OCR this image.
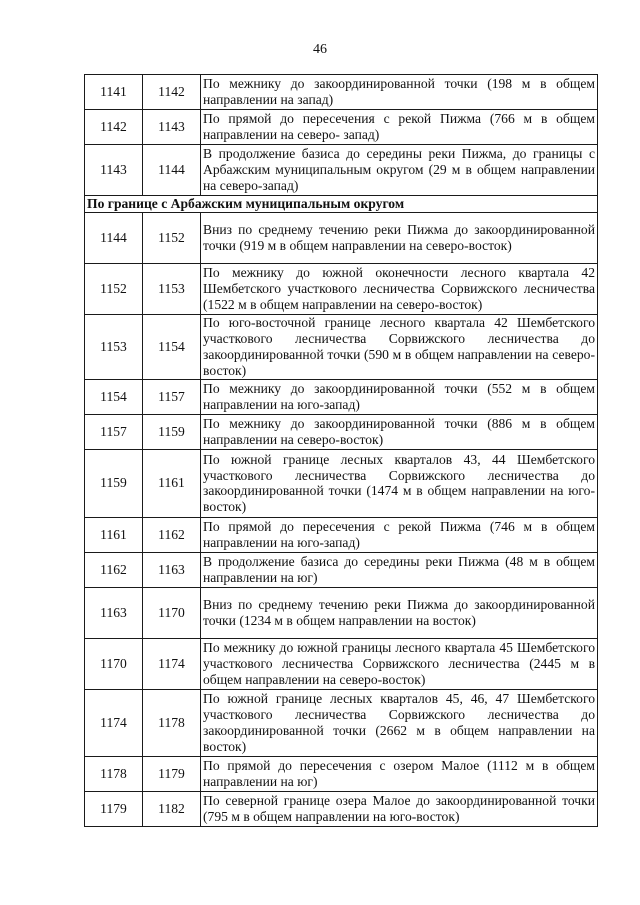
46
1141	1142	По межнику до закоординированной точки (198 м в общем направлении на запад)
1142	1143	По прямой до пересечения с рекой Пижма (766 м в общем направлении на северо- запад)
1143	1144	В продолжение базиса до середины реки Пижма, до границы с Арбажским муниципальным округом (29 м в общем направлении на северо-запад)
По границе с Арбажским муниципальным округом		
1144	1152	Вниз по среднему течению реки Пижма до закоординированной точки (919 м в общем направлении на северо-восток)
1152	1153	По межнику до южной оконечности лесного квартала 42 Шембетского участкового лесничества Сорвижского лесничества (1522 м в общем направлении на северо-восток)
1153	1154	По юго-восточной границе лесного квартала 42 Шембетского участкового лесничества Сорвижского лесничества до закоординированной точки (590 м в общем направлении на северо-восток)
1154	1157	По межнику до закоординированной точки (552 м в общем направлении на юго-запад)
1157	1159	По межнику до закоординированной точки (886 м в общем направлении на северо-восток)
1159	1161	По южной границе лесных кварталов 43, 44 Шембетского участкового лесничества Сорвижского лесничества до закоординированной точки (1474 м в общем направлении на юго-восток)
1161	1162	По прямой до пересечения с рекой Пижма (746 м в общем направлении на юго-запад)
1162	1163	В продолжение базиса до середины реки Пижма (48 м в общем направлении на юг)
1163	1170	Вниз по среднему течению реки Пижма до закоординированной точки (1234 м в общем направлении на восток)
1170	1174	По межнику до южной границы лесного квартала 45 Шембетского участкового лесничества Сорвижского лесничества (2445 м в общем направлении на северо-восток)
1174	1178	По южной границе лесных кварталов 45, 46, 47 Шембетского участкового лесничества Сорвижского лесничества до закоординированной точки (2662 м в общем направлении на восток)
1178	1179	По прямой до пересечения с озером Малое (1112 м в общем направлении на юг)
1179	1182	По северной границе озера Малое до закоординированной точки (795 м в общем направлении на юго-восток)
